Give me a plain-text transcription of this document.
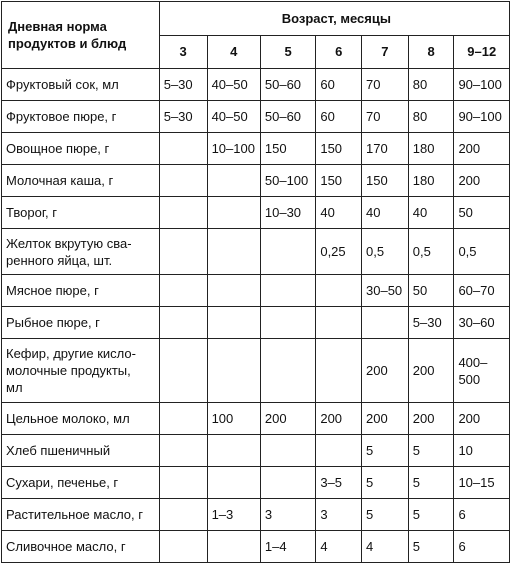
Дневная норма
продуктов и блюд	Возраст, месяцы						
	3	4	5	6	7	8	9–12
Фруктовый сок, мл	5–30	40–50	50–60	60	70	80	90–100
Фруктовое пюре, г	5–30	40–50	50–60	60	70	80	90–100
Овощное пюре, г		10–100	150	150	170	180	200
Молочная каша, г			50–100	150	150	180	200
Творог, г			10–30	40	40	40	50
Желток вкрутую сва-
ренного яйца, шт.				0,25	0,5	0,5	0,5
Мясное пюре, г					30–50	50	60–70
Рыбное пюре, г						5–30	30–60
Кефир, другие кисло-
молочные продукты,
мл					200	200	400–
500
Цельное молоко, мл		100	200	200	200	200	200
Хлеб пшеничный					5	5	10
Сухари, печенье, г				3–5	5	5	10–15
Растительное масло, г		1–3	3	3	5	5	6
Сливочное масло, г			1–4	4	4	5	6
